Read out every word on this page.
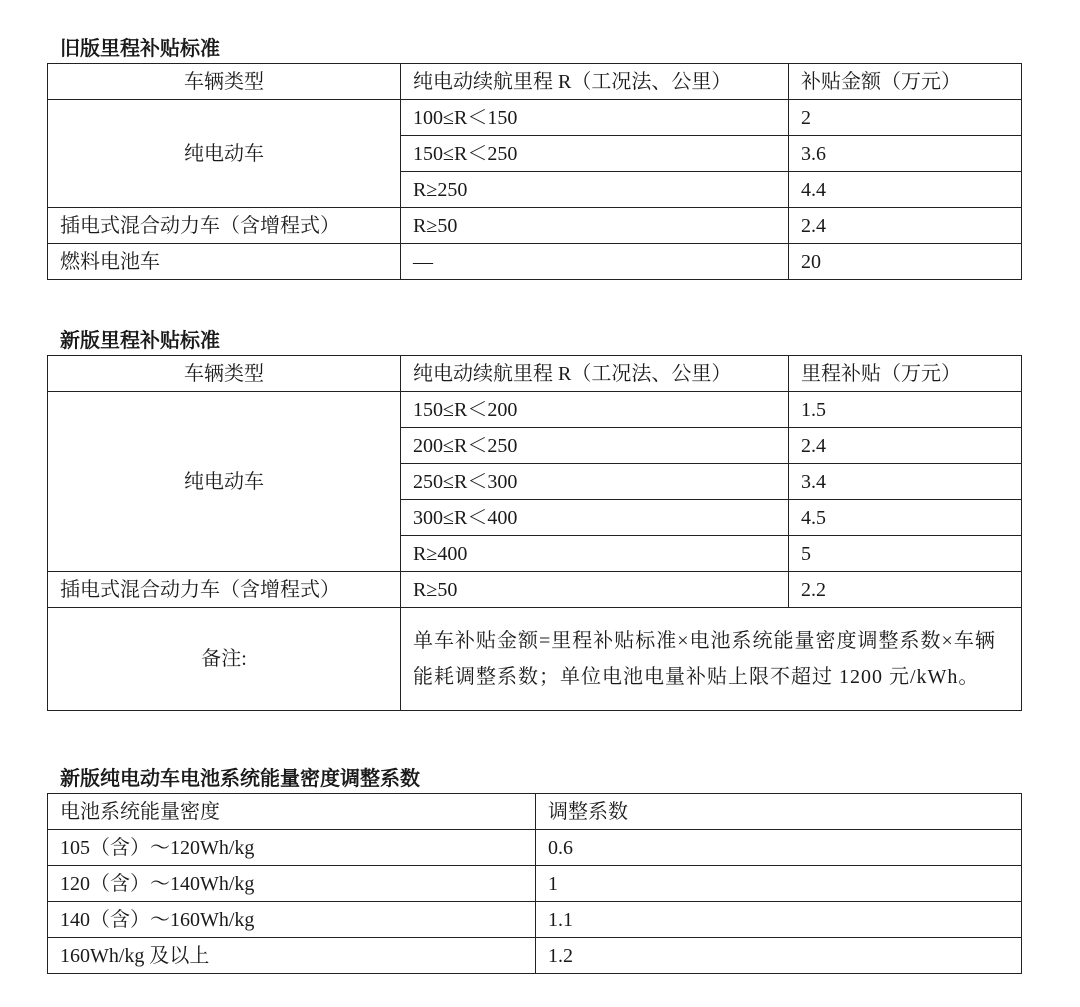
旧版里程补贴标准
车辆类型	纯电动续航里程 R（工况法、公里）	补贴金额（万元）
纯电动车	100≤R＜150	2
	150≤R＜250	3.6
	R≥250	4.4
插电式混合动力车（含增程式）	R≥50	2.4
燃料电池车	—	20
新版里程补贴标准
车辆类型	纯电动续航里程 R（工况法、公里）	里程补贴（万元）
纯电动车	150≤R＜200	1.5
	200≤R＜250	2.4
	250≤R＜300	3.4
	300≤R＜400	4.5
	R≥400	5
插电式混合动力车（含增程式）	R≥50	2.2
备注:	单车补贴金额=里程补贴标准×电池系统能量密度调整系数×车辆能耗调整系数；单位电池电量补贴上限不超过 1200 元/kWh。	
新版纯电动车电池系统能量密度调整系数
电池系统能量密度	调整系数
105（含）～120Wh/kg	0.6
120（含）～140Wh/kg	1
140（含）～160Wh/kg	1.1
160Wh/kg 及以上	1.2
